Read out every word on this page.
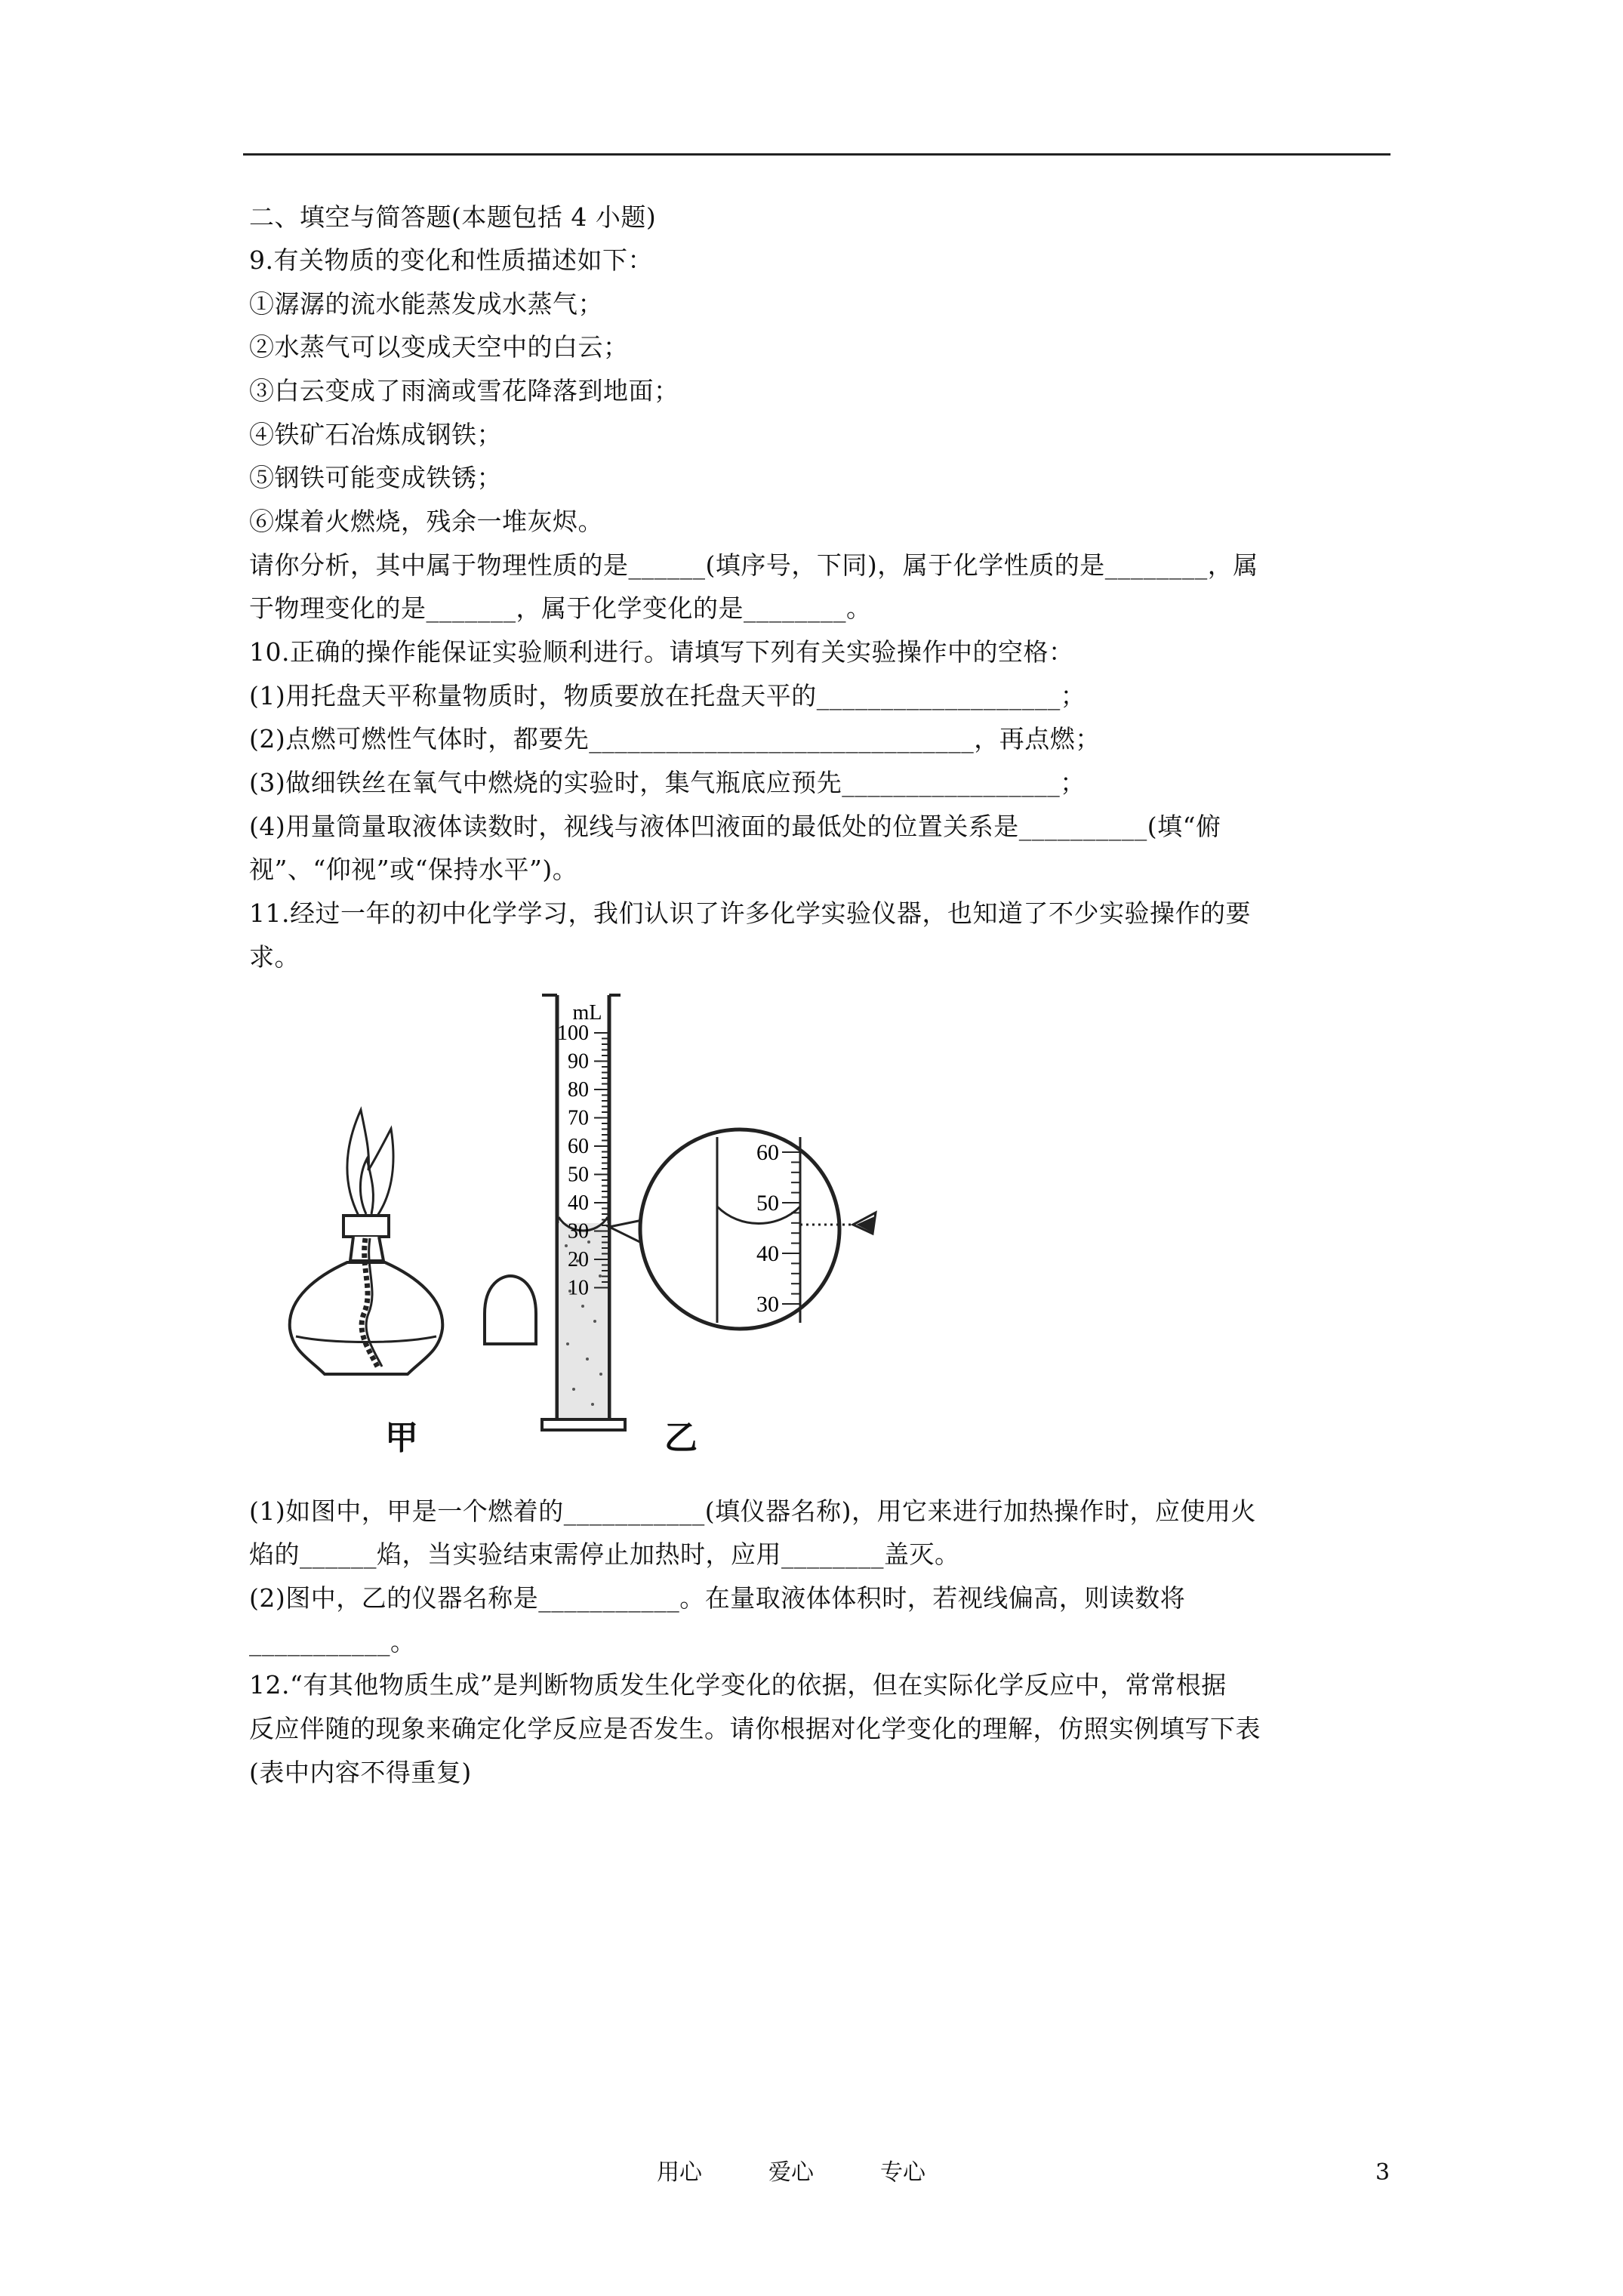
二、填空与简答题(本题包括 4 小题)
9.有关物质的变化和性质描述如下：
①潺潺的流水能蒸发成水蒸气；
②水蒸气可以变成天空中的白云；
③白云变成了雨滴或雪花降落到地面；
④铁矿石冶炼成钢铁；
⑤钢铁可能变成铁锈；
⑥煤着火燃烧，残余一堆灰烬。
请你分析，其中属于物理性质的是______(填序号，下同)，属于化学性质的是________，属
于物理变化的是_______，属于化学变化的是________。
10.正确的操作能保证实验顺利进行。请填写下列有关实验操作中的空格：
(1)用托盘天平称量物质时，物质要放在托盘天平的___________________；
(2)点燃可燃性气体时，都要先______________________________，再点燃；
(3)做细铁丝在氧气中燃烧的实验时，集气瓶底应预先_________________；
(4)用量筒量取液体读数时，视线与液体凹液面的最低处的位置关系是__________(填“俯
视”、“仰视”或“保持水平”)。
11.经过一年的初中化学学习，我们认识了许多化学实验仪器，也知道了不少实验操作的要
求。
mL
100
90
80
70
60
50
40
30
20
10
60
50
40
30
甲	乙
(1)如图中，甲是一个燃着的___________(填仪器名称)，用它来进行加热操作时，应使用火
焰的______焰，当实验结束需停止加热时，应用________盖灭。
(2)图中，乙的仪器名称是___________。在量取液体体积时，若视线偏高，则读数将
___________。
12.“有其他物质生成”是判断物质发生化学变化的依据，但在实际化学反应中，常常根据
反应伴随的现象来确定化学反应是否发生。请你根据对化学变化的理解，仿照实例填写下表
(表中内容不得重复)
用心	爱心	专心	3
